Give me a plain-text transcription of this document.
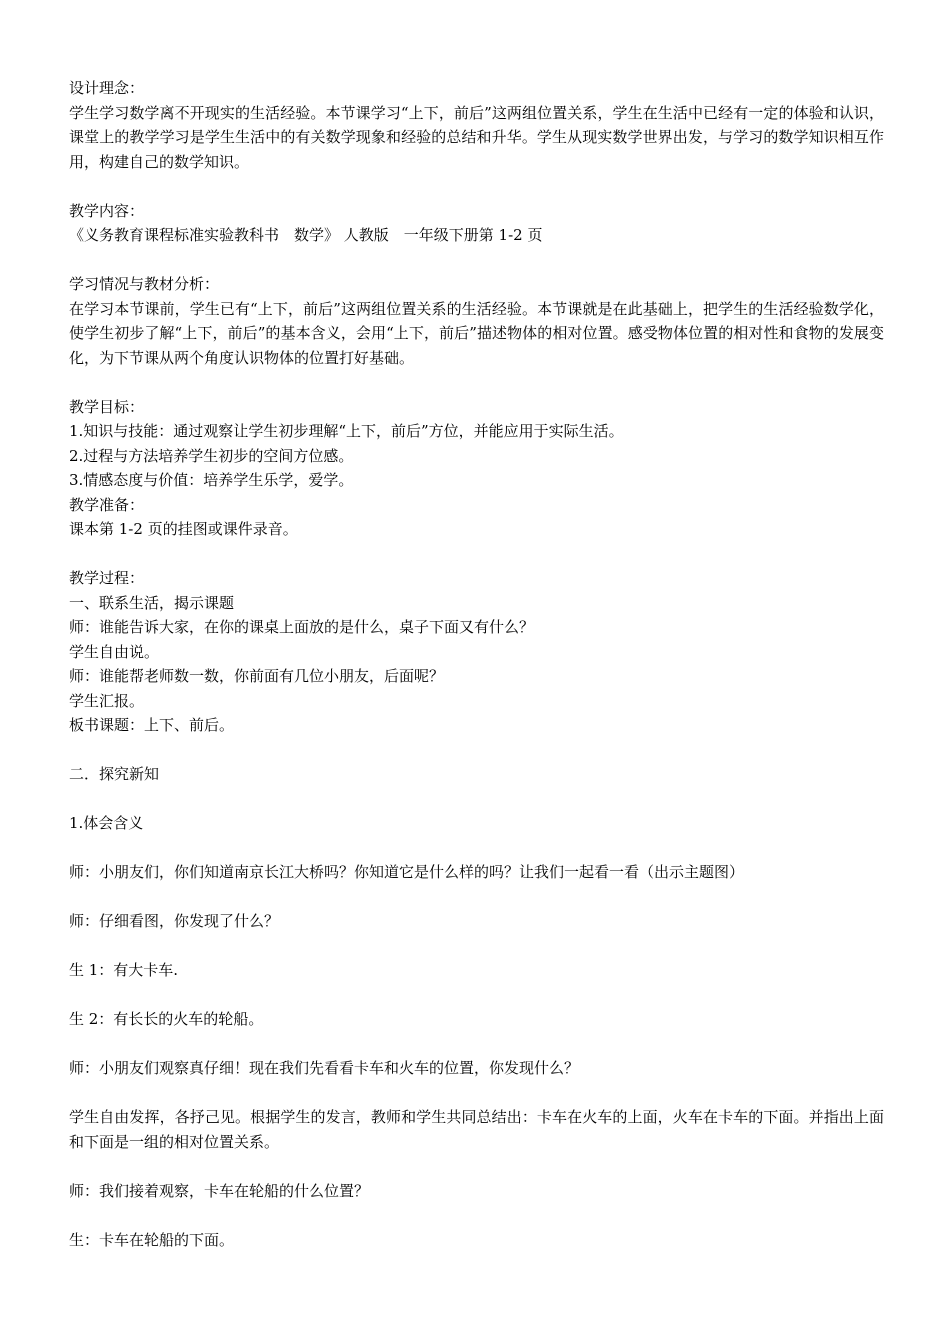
设计理念：
学生学习数学离不开现实的生活经验。本节课学习“上下，前后”这两组位置关系，学生在生活中已经有一定的体验和认识，课堂上的教学学习是学生生活中的有关数学现象和经验的总结和升华。学生从现实数学世界出发，与学习的数学知识相互作用，构建自己的数学知识。
教学内容：
《义务教育课程标准实验教科书　数学》 人教版　一年级下册第 1-2 页
学习情况与教材分析：
在学习本节课前，学生已有“上下，前后”这两组位置关系的生活经验。本节课就是在此基础上，把学生的生活经验数学化，使学生初步了解“上下，前后”的基本含义，会用“上下，前后”描述物体的相对位置。感受物体位置的相对性和食物的发展变化，为下节课从两个角度认识物体的位置打好基础。
教学目标：
1.知识与技能：通过观察让学生初步理解“上下，前后”方位，并能应用于实际生活。
2.过程与方法培养学生初步的空间方位感。
3.情感态度与价值：培养学生乐学，爱学。
教学准备：
课本第 1-2 页的挂图或课件录音。
教学过程：
一、联系生活，揭示课题
师：谁能告诉大家，在你的课桌上面放的是什么，桌子下面又有什么？
学生自由说。
师：谁能帮老师数一数，你前面有几位小朋友，后面呢？
学生汇报。
板书课题：上下、前后。
二．探究新知
1.体会含义
师：小朋友们，你们知道南京长江大桥吗？你知道它是什么样的吗？让我们一起看一看（出示主题图）
师：仔细看图，你发现了什么？
生 1：有大卡车.
生 2：有长长的火车的轮船。
师：小朋友们观察真仔细！现在我们先看看卡车和火车的位置，你发现什么？
学生自由发挥，各抒己见。根据学生的发言，教师和学生共同总结出：卡车在火车的上面，火车在卡车的下面。并指出上面和下面是一组的相对位置关系。
师：我们接着观察，卡车在轮船的什么位置？
生：卡车在轮船的下面。
